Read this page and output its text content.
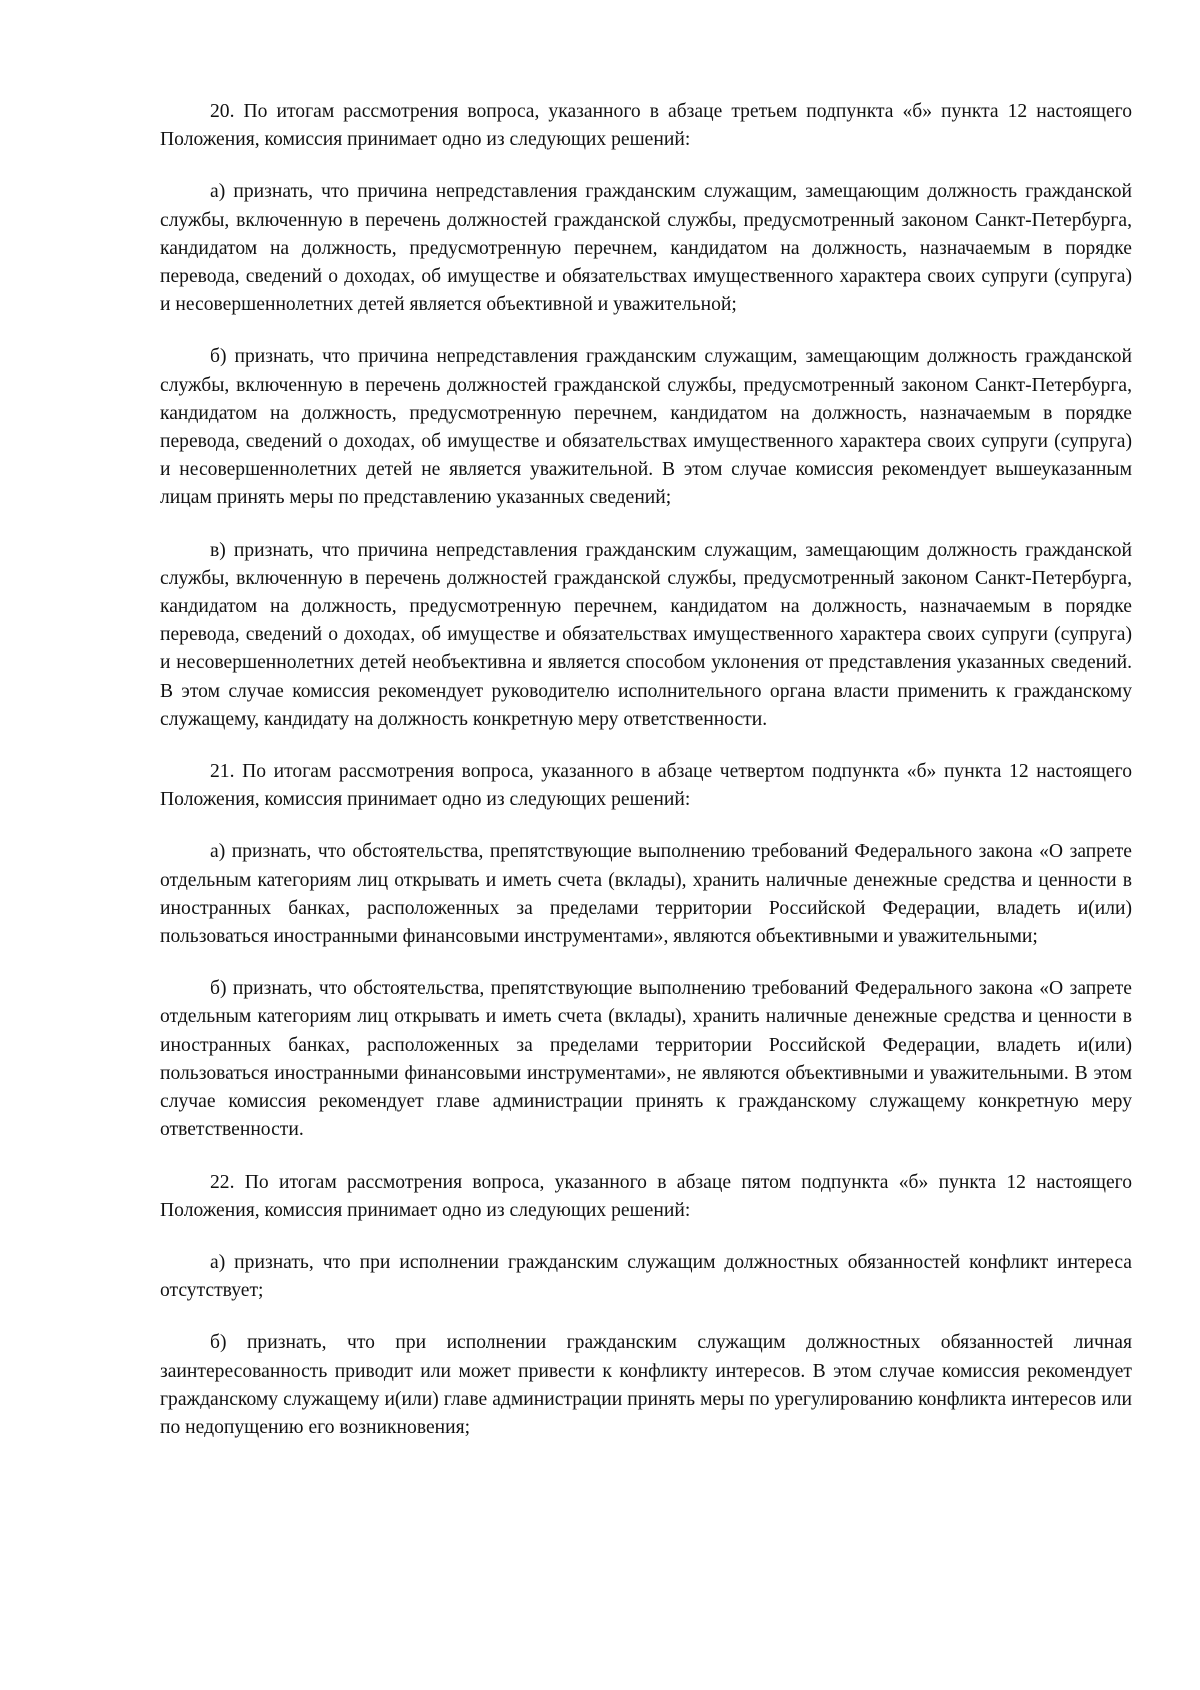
20. По итогам рассмотрения вопроса, указанного в абзаце третьем подпункта «б» пункта 12 настоящего Положения, комиссия принимает одно из следующих решений:

а) признать, что причина непредставления гражданским служащим, замещающим должность гражданской службы, включенную в перечень должностей гражданской службы, предусмотренный законом Санкт-Петербурга, кандидатом на должность, предусмотренную перечнем, кандидатом на должность, назначаемым в порядке перевода, сведений о доходах, об имуществе и обязательствах имущественного характера своих супруги (супруга) и несовершеннолетних детей является объективной и уважительной;

б) признать, что причина непредставления гражданским служащим, замещающим должность гражданской службы, включенную в перечень должностей гражданской службы, предусмотренный законом Санкт-Петербурга, кандидатом на должность, предусмотренную перечнем, кандидатом на должность, назначаемым в порядке перевода, сведений о доходах, об имуществе и обязательствах имущественного характера своих супруги (супруга) и несовершеннолетних детей не является уважительной. В этом случае комиссия рекомендует вышеуказанным лицам принять меры по представлению указанных сведений;

в) признать, что причина непредставления гражданским служащим, замещающим должность гражданской службы, включенную в перечень должностей гражданской службы, предусмотренный законом Санкт-Петербурга, кандидатом на должность, предусмотренную перечнем, кандидатом на должность, назначаемым в порядке перевода, сведений о доходах, об имуществе и обязательствах имущественного характера своих супруги (супруга) и несовершеннолетних детей необъективна и является способом уклонения от представления указанных сведений. В этом случае комиссия рекомендует руководителю исполнительного органа власти применить к гражданскому служащему, кандидату на должность конкретную меру ответственности.

21. По итогам рассмотрения вопроса, указанного в абзаце четвертом подпункта «б» пункта 12 настоящего Положения, комиссия принимает одно из следующих решений:

а) признать, что обстоятельства, препятствующие выполнению требований Федерального закона «О запрете отдельным категориям лиц открывать и иметь счета (вклады), хранить наличные денежные средства и ценности в иностранных банках, расположенных за пределами территории Российской Федерации, владеть и(или) пользоваться иностранными финансовыми инструментами», являются объективными и уважительными;

б) признать, что обстоятельства, препятствующие выполнению требований Федерального закона «О запрете отдельным категориям лиц открывать и иметь счета (вклады), хранить наличные денежные средства и ценности в иностранных банках, расположенных за пределами территории Российской Федерации, владеть и(или) пользоваться иностранными финансовыми инструментами», не являются объективными и уважительными. В этом случае комиссия рекомендует главе администрации принять к гражданскому служащему конкретную меру ответственности.

22. По итогам рассмотрения вопроса, указанного в абзаце пятом подпункта «б» пункта 12 настоящего Положения, комиссия принимает одно из следующих решений:

а) признать, что при исполнении гражданским служащим должностных обязанностей конфликт интереса отсутствует;

б) признать, что при исполнении гражданским служащим должностных обязанностей личная заинтересованность приводит или может привести к конфликту интересов. В этом случае комиссия рекомендует гражданскому служащему и(или) главе администрации принять меры по урегулированию конфликта интересов или по недопущению его возникновения;
